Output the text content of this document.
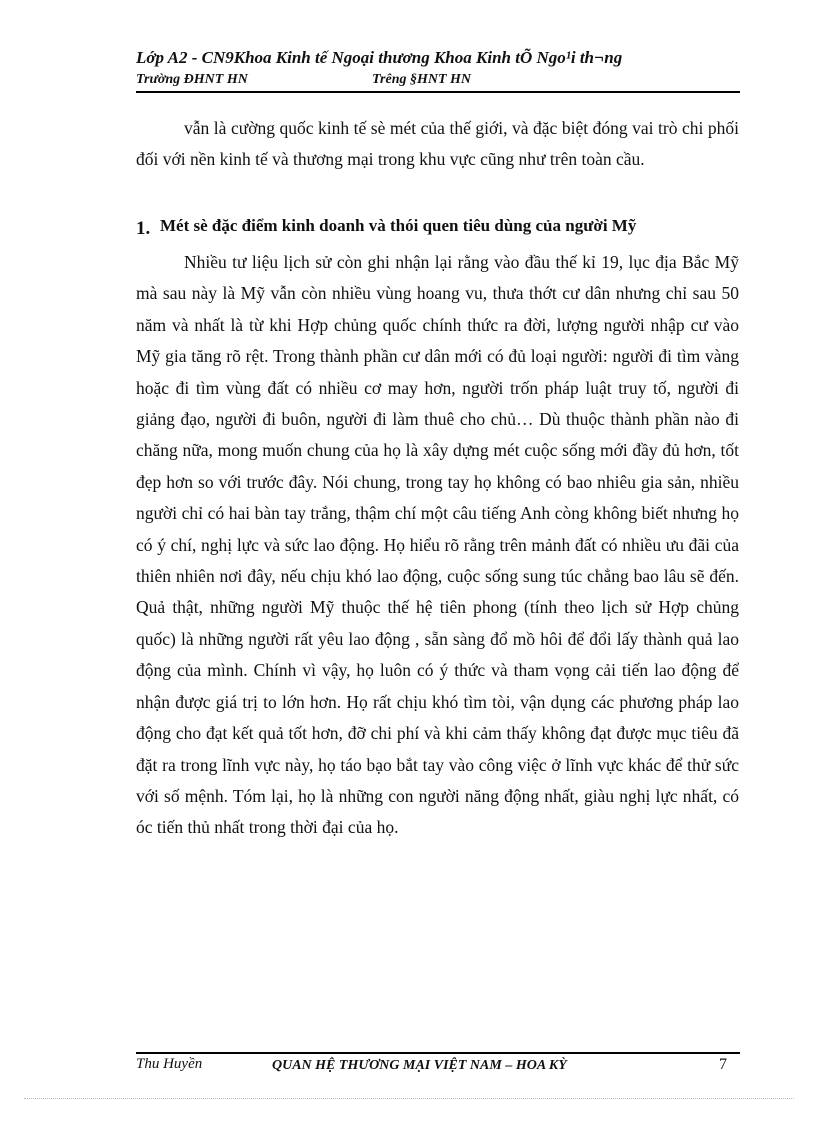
Lớp A2 - CN9Khoa Kinh tế Ngoại thương Khoa Kinh tÕ Ngo¹i th¬ng
Trường ĐHNT HN	Trêng §HNT HN

vẫn là cường quốc kinh tế sè mét của thế giới, và đặc biệt đóng vai trò chi phối đối với nền kinh tế và thương mại trong khu vực cũng như trên toàn cầu.

1. Mét sè đặc điểm kinh doanh và thói quen tiêu dùng của người Mỹ

Nhiều tư liệu lịch sử còn ghi nhận lại rằng vào đầu thế kỉ 19, lục địa Bắc Mỹ mà sau này là Mỹ vẫn còn nhiều vùng hoang vu, thưa thớt cư dân nhưng chỉ sau 50 năm và nhất là từ khi Hợp chủng quốc chính thức ra đời, lượng người nhập cư vào Mỹ gia tăng rõ rệt. Trong thành phần cư dân mới có đủ loại người: người đi tìm vàng hoặc đi tìm vùng đất có nhiều cơ may hơn, người trốn pháp luật truy tố, người đi giảng đạo, người đi buôn, người đi làm thuê cho chủ… Dù thuộc thành phần nào đi chăng nữa, mong muốn chung của họ là xây dựng mét cuộc sống mới đầy đủ hơn, tốt đẹp hơn so với trước đây. Nói chung, trong tay họ không có bao nhiêu gia sản, nhiều người chỉ có hai bàn tay trắng, thậm chí một câu tiếng Anh còng không biết nhưng họ có ý chí, nghị lực và sức lao động. Họ hiểu rõ rằng trên mảnh đất có nhiều ưu đãi của thiên nhiên nơi đây, nếu chịu khó lao động, cuộc sống sung túc chẳng bao lâu sẽ đến. Quả thật, những người Mỹ thuộc thế hệ tiên phong (tính theo lịch sử Hợp chủng quốc) là những người rất yêu lao động , sẵn sàng đổ mồ hôi để đổi lấy thành quả lao động của mình. Chính vì vậy, họ luôn có ý thức và tham vọng cải tiến lao động để nhận được giá trị to lớn hơn. Họ rất chịu khó tìm tòi, vận dụng các phương pháp lao động cho đạt kết quả tốt hơn, đỡ chi phí và khi cảm thấy không đạt được mục tiêu đã đặt ra trong lĩnh vực này, họ táo bạo bắt tay vào công việc ở lĩnh vực khác để thử sức với số mệnh. Tóm lại, họ là những con người năng động nhất, giàu nghị lực nhất, có óc tiến thủ nhất trong thời đại của họ.

Thu Huyền	QUAN HỆ THƯƠNG MẠI VIỆT NAM – HOA KỲ	7
